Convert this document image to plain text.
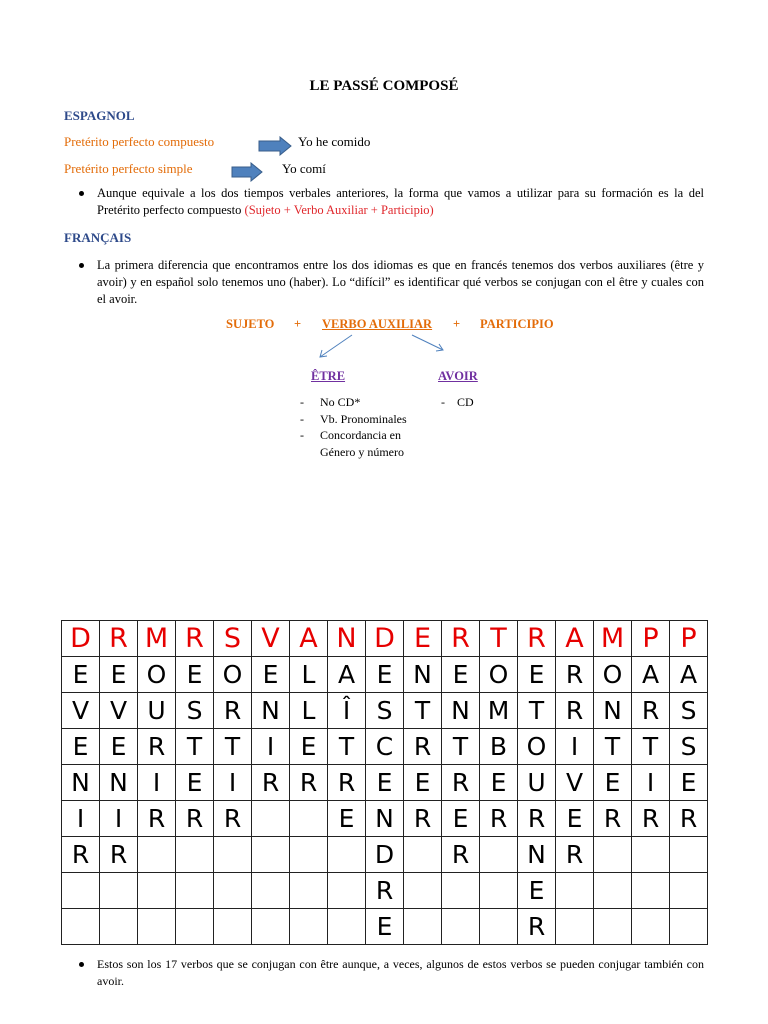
LE PASSÉ COMPOSÉ
ESPAGNOL
Pretérito perfecto compuesto	Yo he comido
Pretérito perfecto simple	Yo comí
Aunque equivale a los dos tiempos verbales anteriores, la forma que vamos a utilizar para su formación es la del Pretérito perfecto compuesto (Sujeto + Verbo Auxiliar + Participio)
FRANÇAIS
La primera diferencia que encontramos entre los dos idiomas es que en francés tenemos dos verbos auxiliares (être y avoir) y en español solo tenemos uno (haber). Lo “difícil” es identificar qué verbos se conjugan con el être y cuales con el avoir.
SUJETO + VERBO AUXILIAR + PARTICIPIO
ÊTRE	AVOIR
- No CD*
- Vb. Pronominales
- Concordancia en
Género y número
- CD
D	R	M	R	S	V	A	N	D	E	R	T	R	A	M	P	P
E	E	O	E	O	E	L	A	E	N	E	O	E	R	O	A	A
V	V	U	S	R	N	L	Î	S	T	N	M	T	R	N	R	S
E	E	R	T	T	I	E	T	C	R	T	B	O	I	T	T	S
N	N	I	E	I	R	R	R	E	E	R	E	U	V	E	I	E
I	I	R	R	R			E	N	R	E	R	R	E	R	R	R
R	R							D		R		N	R			
								R				E				
								E				R				
Estos son los 17 verbos que se conjugan con être aunque, a veces, algunos de estos verbos se pueden conjugar también con avoir.
